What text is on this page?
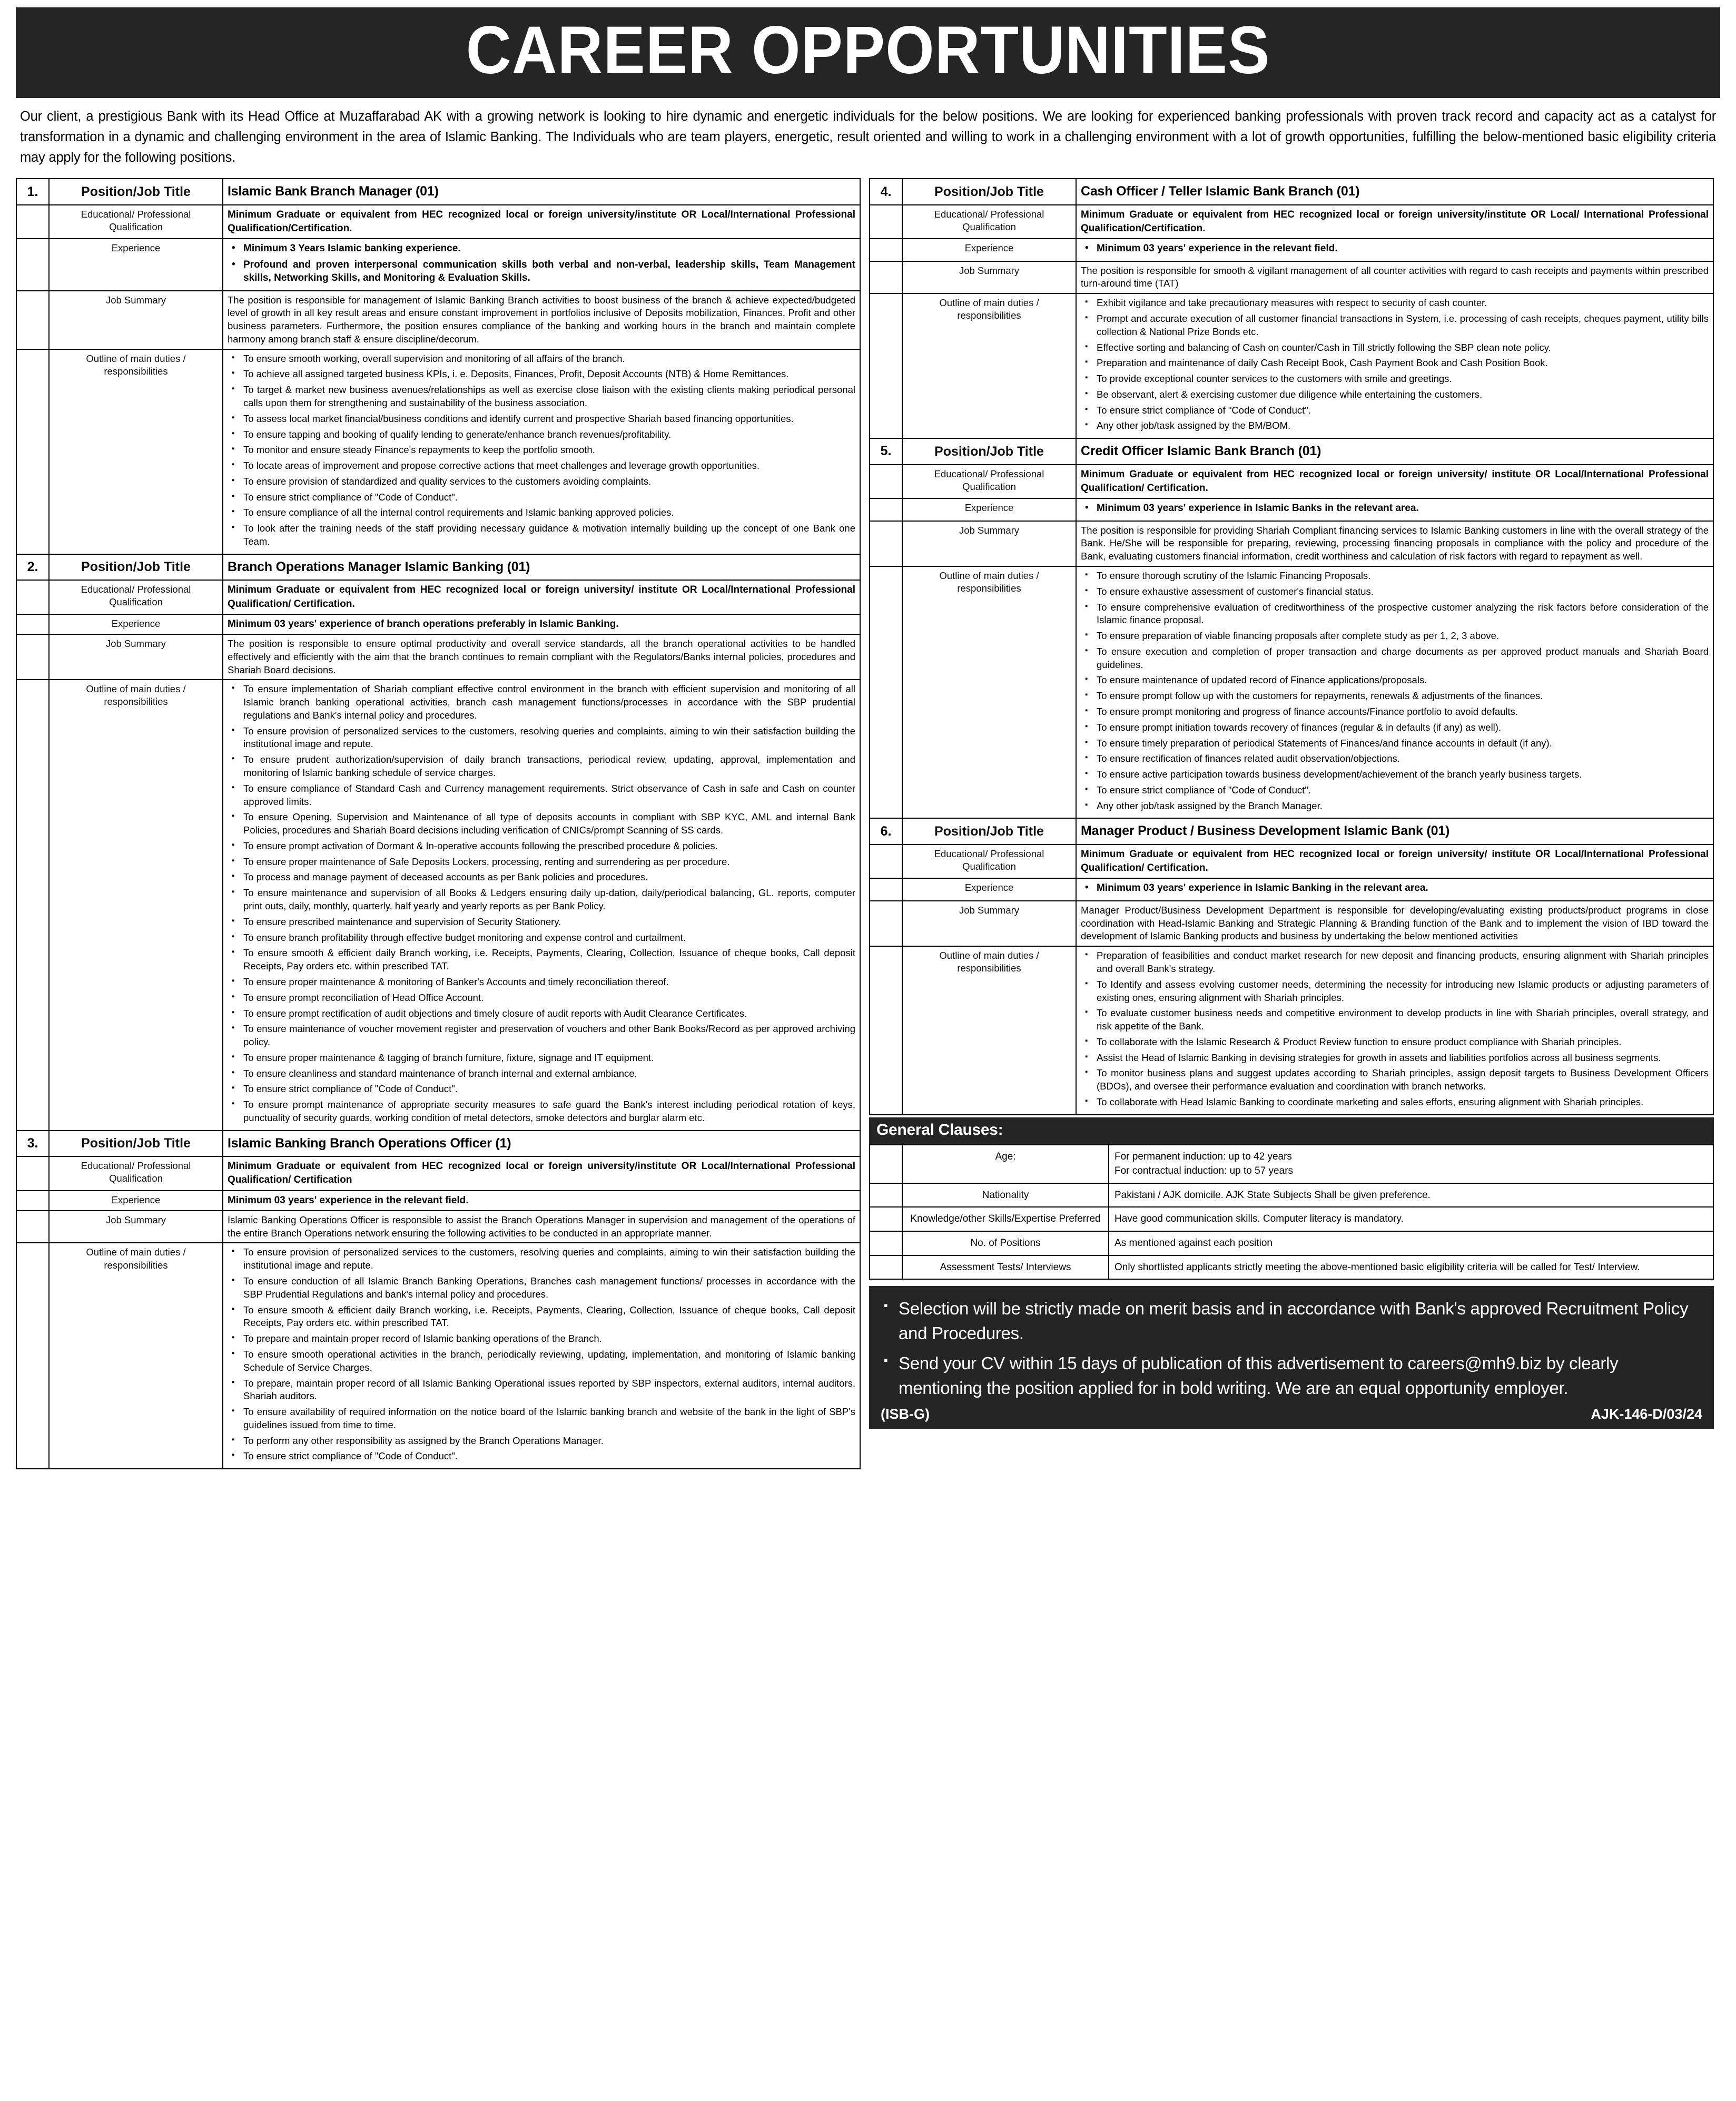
CAREER OPPORTUNITIES

Our client, a prestigious Bank with its Head Office at Muzaffarabad AK with a growing network is looking to hire dynamic and energetic individuals for the below positions. We are looking for experienced banking professionals with proven track record and capacity act as a catalyst for transformation in a dynamic and challenging environment in the area of Islamic Banking. The Individuals who are team players, energetic, result oriented and willing to work in a challenging environment with a lot of growth opportunities, fulfilling the below-mentioned basic eligibility criteria may apply for the following positions.

1.	Position/Job Title	Islamic Bank Branch Manager (01)
	Educational/ Professional Qualification	Minimum Graduate or equivalent from HEC recognized local or foreign university/institute OR Local/International Professional Qualification/Certification.
	Experience	
•Minimum 3 Years Islamic banking experience.
• Profound and proven interpersonal communication skills both verbal and non-verbal, leadership skills, Team Management skills, Networking Skills, and Monitoring & Evaluation Skills.

	Job Summary	The position is responsible for management of Islamic Banking Branch activities to boost business of the branch & achieve expected/budgeted level of growth in all key result areas and ensure constant improvement in portfolios inclusive of Deposits mobilization, Finances, Profit and other business parameters. Furthermore, the position ensures compliance of the banking and working hours in the branch and maintain complete harmony among branch staff & ensure discipline/decorum.
	Outline of main duties / responsibilities	
▪ To ensure smooth working, overall supervision and monitoring of all affairs of the branch.
▪ To achieve all assigned targeted business KPIs, i. e. Deposits, Finances, Profit, Deposit Accounts (NTB) & Home Remittances.
▪ To target & market new business avenues/relationships as well as exercise close liaison with the existing clients making periodical personal calls upon them for strengthening and sustainability of the business association.
▪ To assess local market financial/business conditions and identify current and prospective Shariah based financing opportunities.
▪ To ensure tapping and booking of qualify lending to generate/enhance branch revenues/profitability.
▪ To monitor and ensure steady Finance's repayments to keep the portfolio smooth.
▪ To locate areas of improvement and propose corrective actions that meet challenges and leverage growth opportunities.
▪ To ensure provision of standardized and quality services to the customers avoiding complaints.
▪ To ensure strict compliance of "Code of Conduct".
▪ To ensure compliance of all the internal control requirements and Islamic banking approved policies.
▪ To look after the training needs of the staff providing necessary guidance & motivation internally building up the concept of one Bank one Team.
2.	Position/Job Title	Branch Operations Manager Islamic Banking (01)
	Educational/ Professional Qualification	Minimum Graduate or equivalent from HEC recognized local or foreign university/ institute OR Local/International Professional Qualification/ Certification.
	Experience	Minimum 03 years' experience of branch operations preferably in Islamic Banking.
	Job Summary	The position is responsible to ensure optimal productivity and overall service standards, all the branch operational activities to be handled effectively and efficiently with the aim that the branch continues to remain compliant with the Regulators/Banks internal policies, procedures and Shariah Board decisions.
	Outline of main duties / responsibilities	
▪ To ensure implementation of Shariah compliant effective control environment in the branch with efficient supervision and monitoring of all Islamic branch banking operational activities, branch cash management functions/processes in accordance with the SBP prudential regulations and Bank's internal policy and procedures.
▪ To ensure provision of personalized services to the customers, resolving queries and complaints, aiming to win their satisfaction building the institutional image and repute.
▪ To ensure prudent authorization/supervision of daily branch transactions, periodical review, updating, approval, implementation and monitoring of Islamic banking schedule of service charges.
▪ To ensure compliance of Standard Cash and Currency management requirements. Strict observance of Cash in safe and Cash on counter approved limits.
▪ To ensure Opening, Supervision and Maintenance of all type of deposits accounts in compliant with SBP KYC, AML and internal Bank Policies, procedures and Shariah Board decisions including verification of CNICs/prompt Scanning of SS cards.
▪ To ensure prompt activation of Dormant & In-operative accounts following the prescribed procedure & policies.
▪ To ensure proper maintenance of Safe Deposits Lockers, processing, renting and surrendering as per procedure.
▪ To process and manage payment of deceased accounts as per Bank policies and procedures.
▪ To ensure maintenance and supervision of all Books & Ledgers ensuring daily up-dation, daily/periodical balancing, GL. reports, computer print outs, daily, monthly, quarterly, half yearly and yearly reports as per Bank Policy.
▪ To ensure prescribed maintenance and supervision of Security Stationery.
▪ To ensure branch profitability through effective budget monitoring and expense control and curtailment.
▪ To ensure smooth & efficient daily Branch working, i.e. Receipts, Payments, Clearing, Collection, Issuance of cheque books, Call deposit Receipts, Pay orders etc. within prescribed TAT.
▪ To ensure proper maintenance & monitoring of Banker's Accounts and timely reconciliation thereof.
▪ To ensure prompt reconciliation of Head Office Account.
▪ To ensure prompt rectification of audit objections and timely closure of audit reports with Audit Clearance Certificates.
▪ To ensure maintenance of voucher movement register and preservation of vouchers and other Bank Books/Record as per approved archiving policy.
▪ To ensure proper maintenance & tagging of branch furniture, fixture, signage and IT equipment.
▪ To ensure cleanliness and standard maintenance of branch internal and external ambiance.
▪ To ensure strict compliance of "Code of Conduct".
▪ To ensure prompt maintenance of appropriate security measures to safe guard the Bank's interest including periodical rotation of keys, punctuality of security guards, working condition of metal detectors, smoke detectors and burglar alarm etc.
3.	Position/Job Title	Islamic Banking Branch Operations Officer (1)
	Educational/ Professional Qualification	Minimum Graduate or equivalent from HEC recognized local or foreign university/institute OR Local/International Professional Qualification/ Certification
	Experience	Minimum 03 years' experience in the relevant field.
	Job Summary	Islamic Banking Operations Officer is responsible to assist the Branch Operations Manager in supervision and management of the operations of the entire Branch Operations network ensuring the following activities to be conducted in an appropriate manner.
	Outline of main duties / responsibilities	
▪ To ensure provision of personalized services to the customers, resolving queries and complaints, aiming to win their satisfaction building the institutional image and repute.
▪ To ensure conduction of all Islamic Branch Banking Operations, Branches cash management functions/ processes in accordance with the SBP Prudential Regulations and bank's internal policy and procedures.
▪ To ensure smooth & efficient daily Branch working, i.e. Receipts, Payments, Clearing, Collection, Issuance of cheque books, Call deposit Receipts, Pay orders etc. within prescribed TAT.
▪ To prepare and maintain proper record of Islamic banking operations of the Branch.
▪ To ensure smooth operational activities in the branch, periodically reviewing, updating, implementation, and monitoring of Islamic banking Schedule of Service Charges.
▪ To prepare, maintain proper record of all Islamic Banking Operational issues reported by SBP inspectors, external auditors, internal auditors, Shariah auditors.
▪ To ensure availability of required information on the notice board of the Islamic banking branch and website of the bank in the light of SBP's guidelines issued from time to time.
▪ To perform any other responsibility as assigned by the Branch Operations Manager.
▪ To ensure strict compliance of "Code of Conduct".
4.	Position/Job Title	Cash Officer / Teller Islamic Bank Branch (01)
	Educational/ Professional Qualification	Minimum Graduate or equivalent from HEC recognized local or foreign university/institute OR Local/ International Professional Qualification/Certification.
	Experience	
•Minimum 03 years' experience in the relevant field.

	Job Summary	The position is responsible for smooth & vigilant management of all counter activities with regard to cash receipts and payments within prescribed turn-around time (TAT)
	Outline of main duties / responsibilities	
▪ Exhibit vigilance and take precautionary measures with respect to security of cash counter.
▪ Prompt and accurate execution of all customer financial transactions in System, i.e. processing of cash receipts, cheques payment, utility bills collection & National Prize Bonds etc.
▪ Effective sorting and balancing of Cash on counter/Cash in Till strictly following the SBP clean note policy.
▪ Preparation and maintenance of daily Cash Receipt Book, Cash Payment Book and Cash Position Book.
▪ To provide exceptional counter services to the customers with smile and greetings.
▪ Be observant, alert & exercising customer due diligence while entertaining the customers.
▪ To ensure strict compliance of "Code of Conduct".
▪ Any other job/task assigned by the BM/BOM.
5.	Position/Job Title	Credit Officer Islamic Bank Branch (01)
	Educational/ Professional Qualification	Minimum Graduate or equivalent from HEC recognized local or foreign university/ institute OR Local/International Professional Qualification/ Certification.
	Experience	
•Minimum 03 years' experience in Islamic Banks in the relevant area.

	Job Summary	The position is responsible for providing Shariah Compliant financing services to Islamic Banking customers in line with the overall strategy of the Bank. He/She will be responsible for preparing, reviewing, processing financing proposals in compliance with the policy and procedure of the Bank, evaluating customers financial information, credit worthiness and calculation of risk factors with regard to repayment as well.
	Outline of main duties / responsibilities	
▪ To ensure thorough scrutiny of the Islamic Financing Proposals.
▪ To ensure exhaustive assessment of customer's financial status.
▪ To ensure comprehensive evaluation of creditworthiness of the prospective customer analyzing the risk factors before consideration of the Islamic finance proposal.
▪ To ensure preparation of viable financing proposals after complete study as per 1, 2, 3 above.
▪ To ensure execution and completion of proper transaction and charge documents as per approved product manuals and Shariah Board guidelines.
▪ To ensure maintenance of updated record of Finance applications/proposals.
▪ To ensure prompt follow up with the customers for repayments, renewals & adjustments of the finances.
▪ To ensure prompt monitoring and progress of finance accounts/Finance portfolio to avoid defaults.
▪ To ensure prompt initiation towards recovery of finances (regular & in defaults (if any) as well).
▪ To ensure timely preparation of periodical Statements of Finances/and finance accounts in default (if any).
▪ To ensure rectification of finances related audit observation/objections.
▪ To ensure active participation towards business development/achievement of the branch yearly business targets.
▪ To ensure strict compliance of "Code of Conduct".
▪ Any other job/task assigned by the Branch Manager.
6.	Position/Job Title	Manager Product / Business Development Islamic Bank (01)
	Educational/ Professional Qualification	Minimum Graduate or equivalent from HEC recognized local or foreign university/ institute OR Local/International Professional Qualification/ Certification.
	Experience	
•Minimum 03 years' experience in Islamic Banking in the relevant area.

	Job Summary	Manager Product/Business Development Department is responsible for developing/evaluating existing products/product programs in close coordination with Head-Islamic Banking and Strategic Planning & Branding function of the Bank and to implement the vision of IBD toward the development of Islamic Banking products and business by undertaking the below mentioned activities
	Outline of main duties / responsibilities	
▪ Preparation of feasibilities and conduct market research for new deposit and financing products, ensuring alignment with Shariah principles and overall Bank's strategy.
▪ To Identify and assess evolving customer needs, determining the necessity for introducing new Islamic products or adjusting parameters of existing ones, ensuring alignment with Shariah principles.
▪ To evaluate customer business needs and competitive environment to develop products in line with Shariah principles, overall strategy, and risk appetite of the Bank.
▪ To collaborate with the Islamic Research & Product Review function to ensure product compliance with Shariah principles.
▪ Assist the Head of Islamic Banking in devising strategies for growth in assets and liabilities portfolios across all business segments.
▪ To monitor business plans and suggest updates according to Shariah principles, assign deposit targets to Business Development Officers (BDOs), and oversee their performance evaluation and coordination with branch networks.
▪ To collaborate with Head Islamic Banking to coordinate marketing and sales efforts, ensuring alignment with Shariah principles.
General Clauses:
	Age:	For permanent induction: up to 42 years
For contractual induction: up to 57 years

	Nationality	Pakistani / AJK domicile. AJK State Subjects Shall be given preference.
	Knowledge/other Skills/Expertise Preferred	Have good communication skills. Computer literacy is mandatory.
	No. of Positions	As mentioned against each position
	Assessment Tests/ Interviews	Only shortlisted applicants strictly meeting the above-mentioned basic eligibility criteria will be called for Test/ Interview.
▪ Selection will be strictly made on merit basis and in accordance with Bank's approved Recruitment Policy and Procedures.
▪ Send your CV within 15 days of publication of this advertisement to careers@mh9.biz by clearly mentioning the position applied for in bold writing. We are an equal opportunity employer.
(ISB-G)	AJK-146-D/03/24
